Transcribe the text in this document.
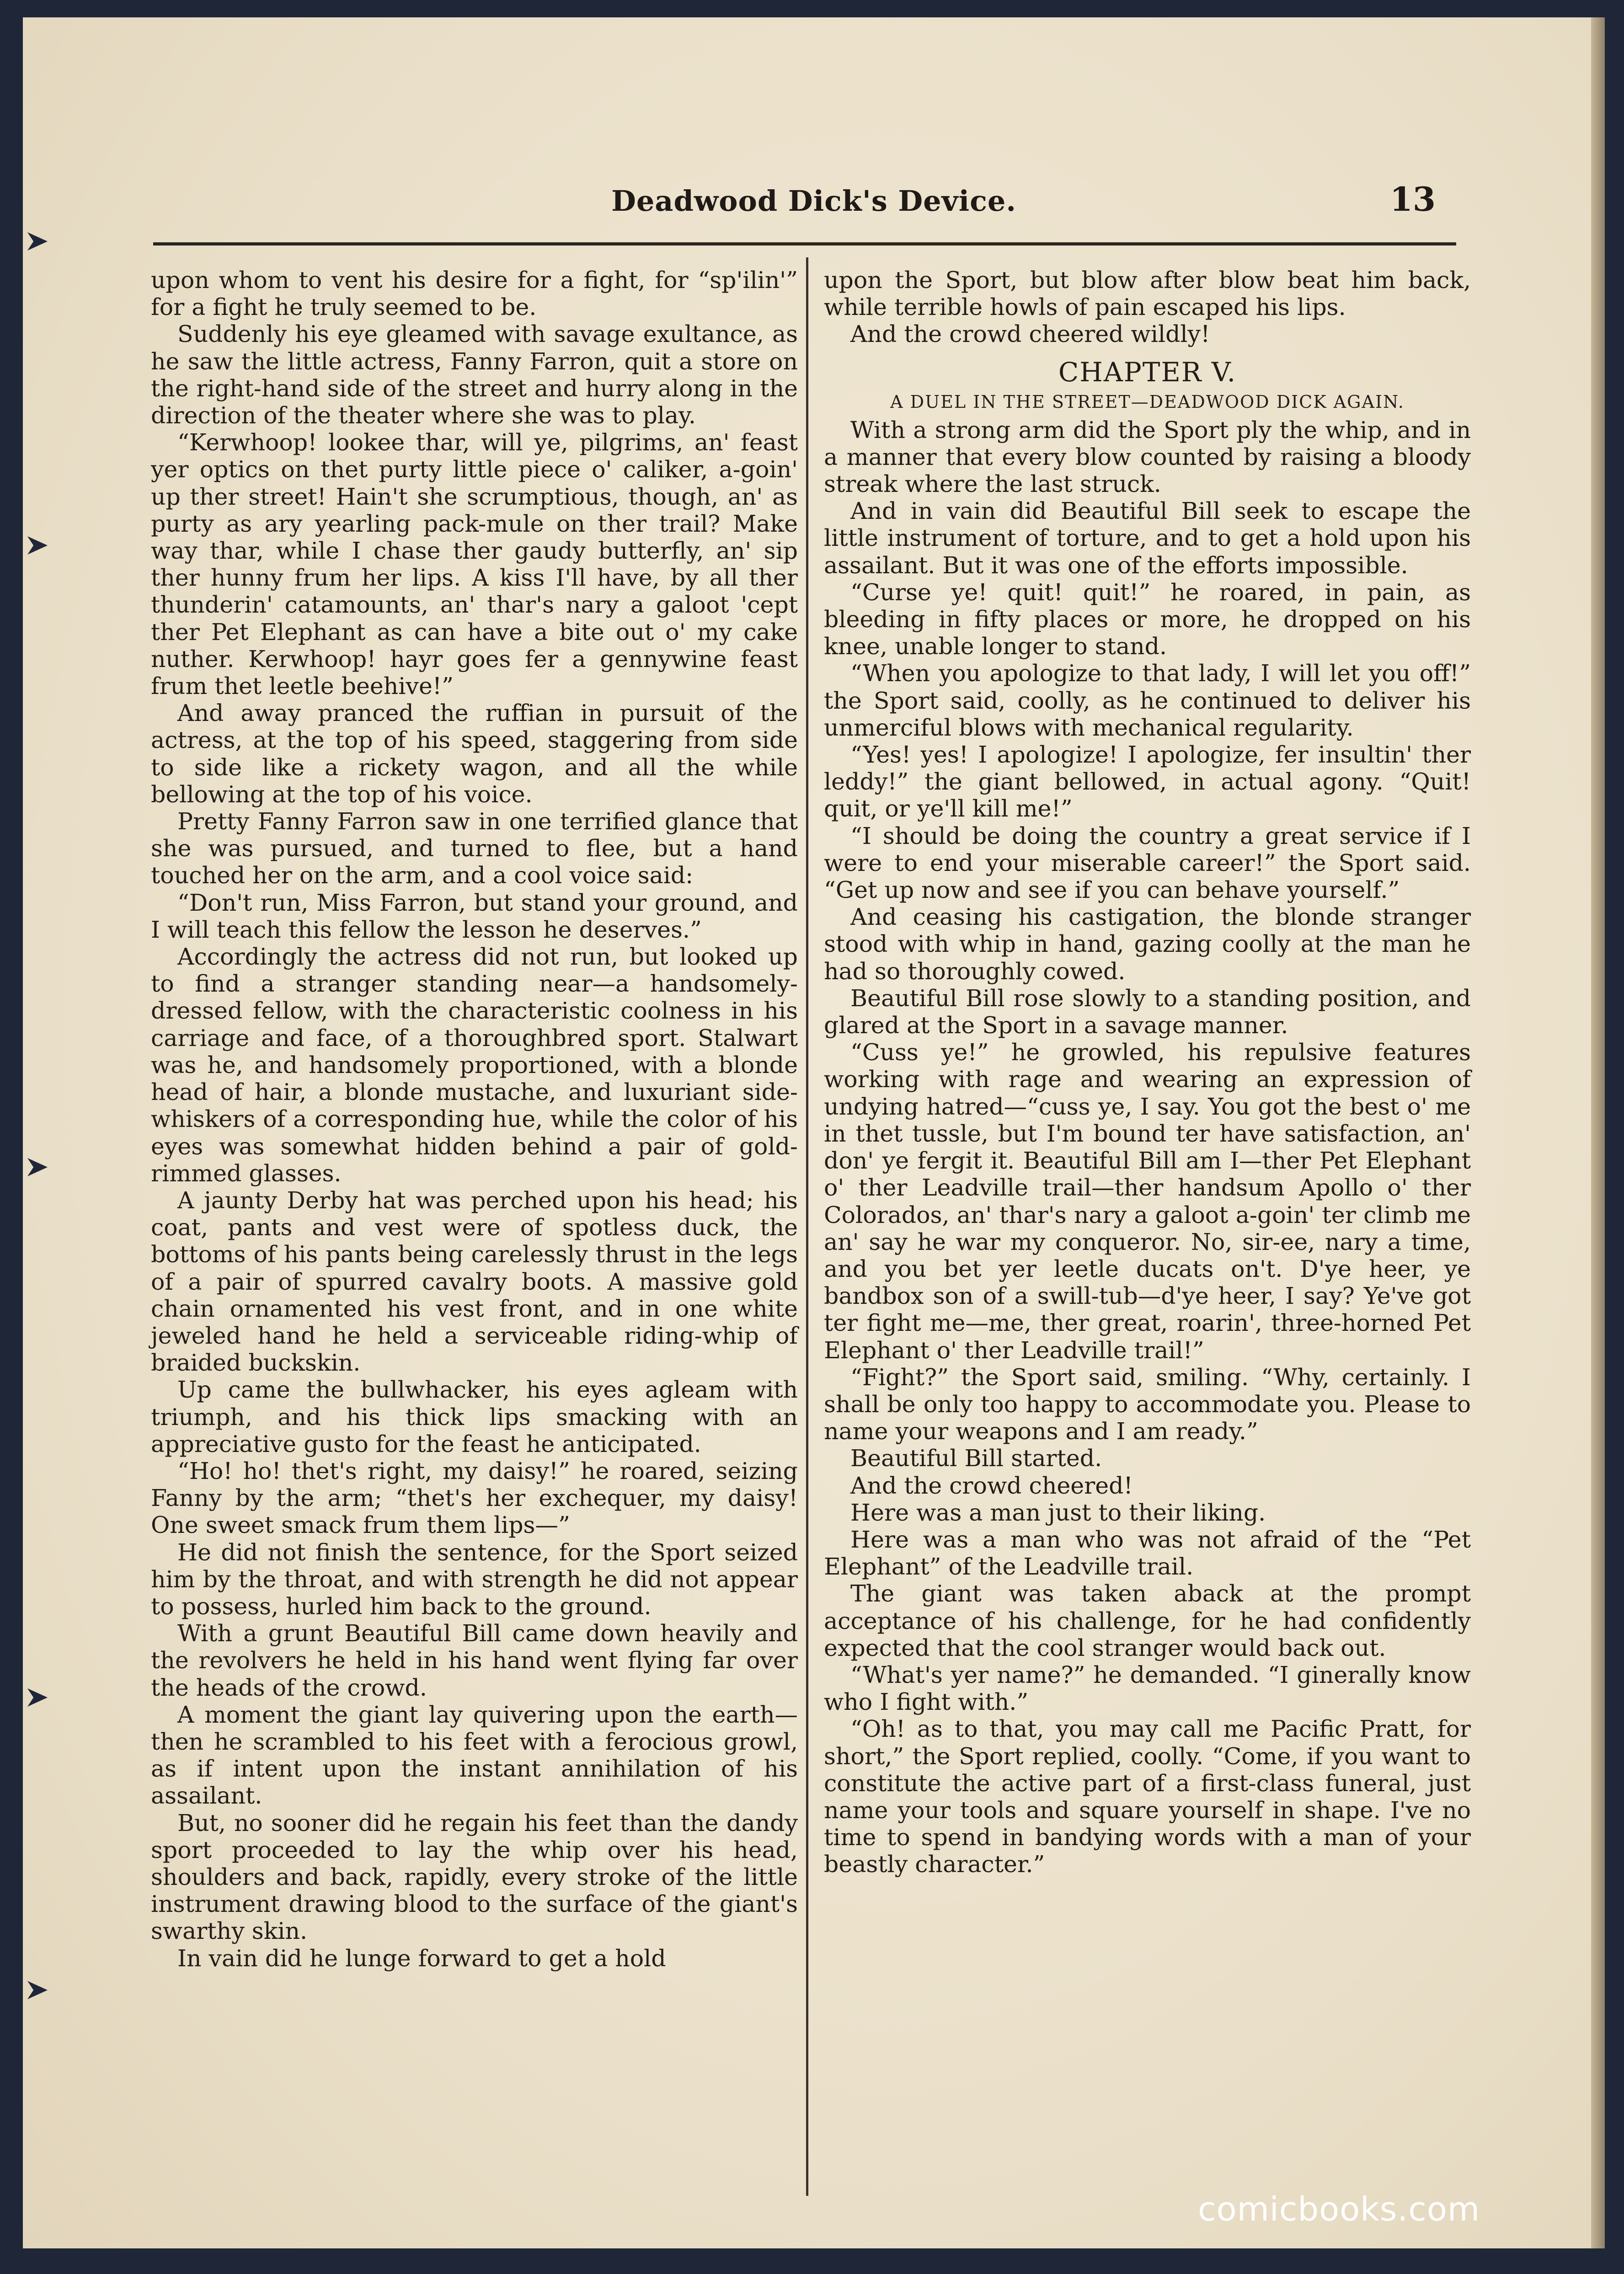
Deadwood Dick's Device.	13

upon whom to vent his desire for a fight, for “sp'ilin'” for a fight he truly seemed to be.

Suddenly his eye gleamed with savage exultance, as he saw the little actress, Fanny Farron, quit a store on the right-hand side of the street and hurry along in the direction of the theater where she was to play.

“Kerwhoop! lookee thar, will ye, pilgrims, an' feast yer optics on thet purty little piece o' caliker, a-goin' up ther street! Hain't she scrumptious, though, an' as purty as ary yearling pack-mule on ther trail? Make way thar, while I chase ther gaudy butterfly, an' sip ther hunny frum her lips. A kiss I'll have, by all ther thunderin' catamounts, an' thar's nary a galoot 'cept ther Pet Elephant as can have a bite out o' my cake nuther. Kerwhoop! hayr goes fer a gennywine feast frum thet leetle beehive!”

And away pranced the ruffian in pursuit of the actress, at the top of his speed, staggering from side to side like a rickety wagon, and all the while bellowing at the top of his voice.

Pretty Fanny Farron saw in one terrified glance that she was pursued, and turned to flee, but a hand touched her on the arm, and a cool voice said:

“Don't run, Miss Farron, but stand your ground, and I will teach this fellow the lesson he deserves.”

Accordingly the actress did not run, but looked up to find a stranger standing near—a handsomely-dressed fellow, with the characteristic coolness in his carriage and face, of a thoroughbred sport. Stalwart was he, and handsomely proportioned, with a blonde head of hair, a blonde mustache, and luxuriant side-whiskers of a corresponding hue, while the color of his eyes was somewhat hidden behind a pair of gold-rimmed glasses.

A jaunty Derby hat was perched upon his head; his coat, pants and vest were of spotless duck, the bottoms of his pants being carelessly thrust in the legs of a pair of spurred cavalry boots. A massive gold chain ornamented his vest front, and in one white jeweled hand he held a serviceable riding-whip of braided buckskin.

Up came the bullwhacker, his eyes agleam with triumph, and his thick lips smacking with an appreciative gusto for the feast he anticipated.

“Ho! ho! thet's right, my daisy!” he roared, seizing Fanny by the arm; “thet's her exchequer, my daisy! One sweet smack frum them lips—”

He did not finish the sentence, for the Sport seized him by the throat, and with strength he did not appear to possess, hurled him back to the ground.

With a grunt Beautiful Bill came down heavily and the revolvers he held in his hand went flying far over the heads of the crowd.

A moment the giant lay quivering upon the earth—then he scrambled to his feet with a ferocious growl, as if intent upon the instant annihilation of his assailant.

But, no sooner did he regain his feet than the dandy sport proceeded to lay the whip over his head, shoulders and back, rapidly, every stroke of the little instrument drawing blood to the surface of the giant's swarthy skin.

In vain did he lunge forward to get a hold

upon the Sport, but blow after blow beat him back, while terrible howls of pain escaped his lips.

And the crowd cheered wildly!

CHAPTER V.
A DUEL IN THE STREET—DEADWOOD DICK AGAIN.

With a strong arm did the Sport ply the whip, and in a manner that every blow counted by raising a bloody streak where the last struck.

And in vain did Beautiful Bill seek to escape the little instrument of torture, and to get a hold upon his assailant. But it was one of the efforts impossible.

“Curse ye! quit! quit!” he roared, in pain, as bleeding in fifty places or more, he dropped on his knee, unable longer to stand.

“When you apologize to that lady, I will let you off!” the Sport said, coolly, as he continued to deliver his unmerciful blows with mechanical regularity.

“Yes! yes! I apologize! I apologize, fer insultin' ther leddy!” the giant bellowed, in actual agony. “Quit! quit, or ye'll kill me!”

“I should be doing the country a great service if I were to end your miserable career!” the Sport said. “Get up now and see if you can behave yourself.”

And ceasing his castigation, the blonde stranger stood with whip in hand, gazing coolly at the man he had so thoroughly cowed.

Beautiful Bill rose slowly to a standing position, and glared at the Sport in a savage manner.

“Cuss ye!” he growled, his repulsive features working with rage and wearing an expression of undying hatred—“cuss ye, I say. You got the best o' me in thet tussle, but I'm bound ter have satisfaction, an' don' ye fergit it. Beautiful Bill am I—ther Pet Elephant o' ther Leadville trail—ther handsum Apollo o' ther Colorados, an' thar's nary a galoot a-goin' ter climb me an' say he war my conqueror. No, sir-ee, nary a time, and you bet yer leetle ducats on't. D'ye heer, ye bandbox son of a swill-tub—d'ye heer, I say? Ye've got ter fight me—me, ther great, roarin', three-horned Pet Elephant o' ther Leadville trail!”

“Fight?” the Sport said, smiling. “Why, certainly. I shall be only too happy to accommodate you. Please to name your weapons and I am ready.”

Beautiful Bill started.

And the crowd cheered!

Here was a man just to their liking.

Here was a man who was not afraid of the “Pet Elephant” of the Leadville trail.

The giant was taken aback at the prompt acceptance of his challenge, for he had confidently expected that the cool stranger would back out.

“What's yer name?” he demanded. “I ginerally know who I fight with.”

“Oh! as to that, you may call me Pacific Pratt, for short,” the Sport replied, coolly. “Come, if you want to constitute the active part of a first-class funeral, just name your tools and square yourself in shape. I've no time to spend in bandying words with a man of your beastly character.”

comicbooks.com
